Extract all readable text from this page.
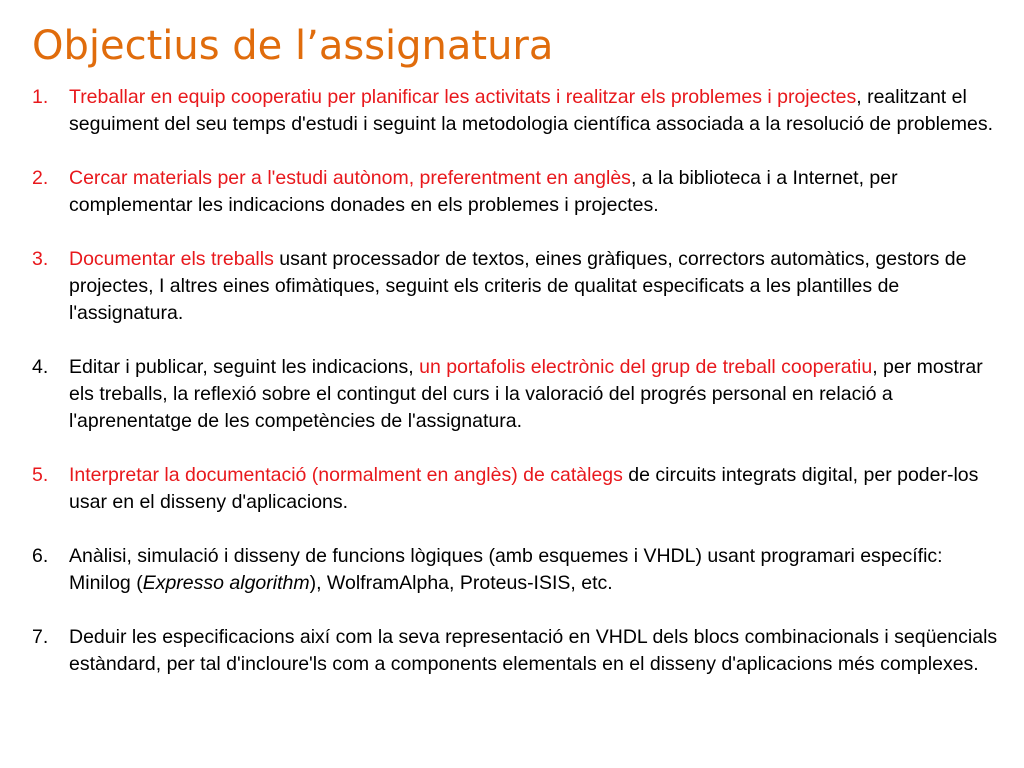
Objectius de l’assignatura
1. Treballar en equip cooperatiu per planificar les activitats i realitzar els problemes i projectes, realitzant el seguiment del seu temps d'estudi i seguint la metodologia científica associada a la resolució de problemes.
2. Cercar materials per a l'estudi autònom, preferentment en anglès, a la biblioteca i a Internet, per complementar les indicacions donades en els problemes i projectes.
3. Documentar els treballs usant processador de textos, eines gràfiques, correctors automàtics, gestors de projectes, I altres eines ofimàtiques, seguint els criteris de qualitat especificats a les plantilles de l'assignatura.
4. Editar i publicar, seguint les indicacions, un portafolis electrònic del grup de treball cooperatiu, per mostrar els treballs, la reflexió sobre el contingut del curs i la valoració del progrés personal en relació a l'aprenentatge de les competències de l'assignatura.
5. Interpretar la documentació (normalment en anglès) de catàlegs de circuits integrats digital, per poder-los usar en el disseny d'aplicacions.
6. Anàlisi, simulació i disseny de funcions lògiques (amb esquemes i VHDL) usant programari específic: Minilog (Expresso algorithm), WolframAlpha, Proteus-ISIS, etc.
7. Deduir les especificacions així com la seva representació en VHDL dels blocs combinacionals i seqüencials estàndard, per tal d'incloure'ls com a components elementals en el disseny d'aplicacions més complexes.
